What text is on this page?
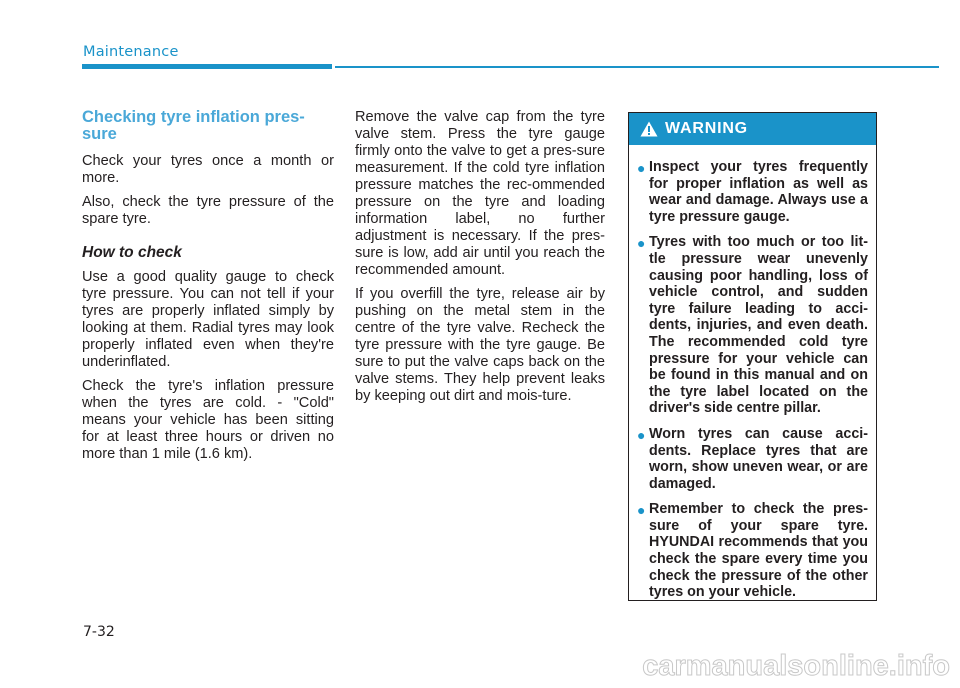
Maintenance
Checking tyre inflation pres-sure

Check your tyres once a month or more.

Also, check the tyre pressure of the spare tyre.

How to check

Use a good quality gauge to check tyre pressure. You can not tell if your tyres are properly inflated simply by looking at them. Radial tyres may look properly inflated even when they're underinflated.

Check the tyre's inflation pressure when the tyres are cold. - "Cold" means your vehicle has been sitting for at least three hours or driven no more than 1 mile (1.6 km).

Remove the valve cap from the tyre valve stem. Press the tyre gauge firmly onto the valve to get a pres-sure measurement. If the cold tyre inflation pressure matches the rec-ommended pressure on the tyre and loading information label, no further adjustment is necessary. If the pres-sure is low, add air until you reach the recommended amount.

If you overfill the tyre, release air by pushing on the metal stem in the centre of the tyre valve. Recheck the tyre pressure with the tyre gauge. Be sure to put the valve caps back on the valve stems. They help prevent leaks by keeping out dirt and mois-ture.

WARNING
● Inspect your tyres frequently for proper inflation as well as wear and damage. Always use a tyre pressure gauge.
● Tyres with too much or too lit-tle pressure wear unevenly causing poor handling, loss of vehicle control, and sudden tyre failure leading to acci-dents, injuries, and even death. The recommended cold tyre pressure for your vehicle can be found in this manual and on the tyre label located on the driver's side centre pillar.
● Worn tyres can cause acci-dents. Replace tyres that are worn, show uneven wear, or are damaged.
● Remember to check the pres-sure of your spare tyre. HYUNDAI recommends that you check the spare every time you check the pressure of the other tyres on your vehicle.
7-32
carmanualsonline.info
